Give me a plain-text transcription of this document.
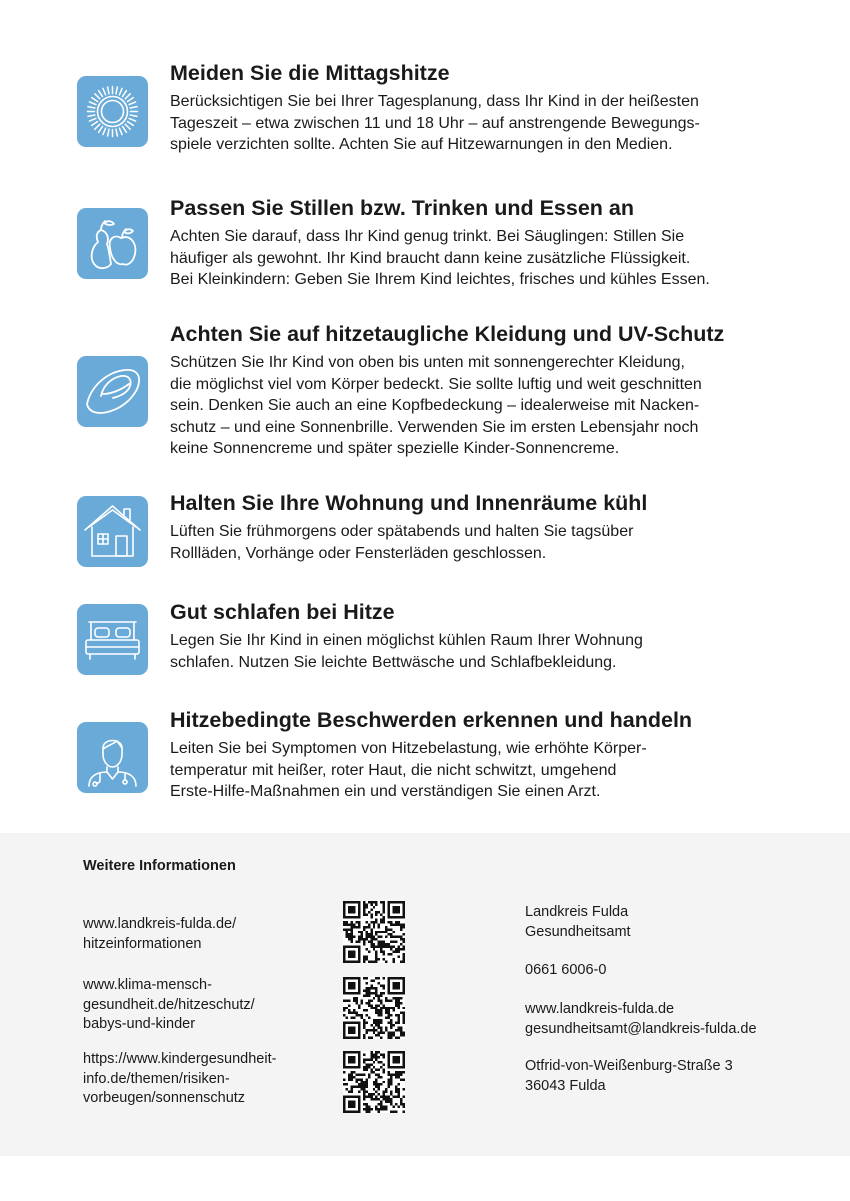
Meiden Sie die Mittagshitze

Berücksichtigen Sie bei Ihrer Tagesplanung, dass Ihr Kind in der heißesten
Tageszeit – etwa zwischen 11 und 18 Uhr – auf anstrengende Bewegungs-
spiele verzichten sollte. Achten Sie auf Hitzewarnungen in den Medien.

Passen Sie Stillen bzw. Trinken und Essen an

Achten Sie darauf, dass Ihr Kind genug trinkt. Bei Säuglingen: Stillen Sie
häufiger als gewohnt. Ihr Kind braucht dann keine zusätzliche Flüssigkeit.
Bei Kleinkindern: Geben Sie Ihrem Kind leichtes, frisches und kühles Essen.

Achten Sie auf hitzetaugliche Kleidung und UV-Schutz

Schützen Sie Ihr Kind von oben bis unten mit sonnengerechter Kleidung,
die möglichst viel vom Körper bedeckt. Sie sollte luftig und weit geschnitten
sein. Denken Sie auch an eine Kopfbedeckung – idealerweise mit Nacken-
schutz – und eine Sonnenbrille. Verwenden Sie im ersten Lebensjahr noch
keine Sonnencreme und später spezielle Kinder-Sonnencreme.

Halten Sie Ihre Wohnung und Innenräume kühl

Lüften Sie frühmorgens oder spätabends und halten Sie tagsüber
Rollläden, Vorhänge oder Fensterläden geschlossen.

Gut schlafen bei Hitze

Legen Sie Ihr Kind in einen möglichst kühlen Raum Ihrer Wohnung
schlafen. Nutzen Sie leichte Bettwäsche und Schlafbekleidung.

Hitzebedingte Beschwerden erkennen und handeln

Leiten Sie bei Symptomen von Hitzebelastung, wie erhöhte Körper-
temperatur mit heißer, roter Haut, die nicht schwitzt, umgehend
Erste-Hilfe-Maßnahmen ein und verständigen Sie einen Arzt.

Weitere Informationen

www.landkreis-fulda.de/
hitzeinformationen

www.klima-mensch-
gesundheit.de/hitzeschutz/
babys-und-kinder

https://www.kindergesundheit-
info.de/themen/risiken-
vorbeugen/sonnenschutz

Landkreis Fulda
Gesundheitsamt

0661 6006-0

www.landkreis-fulda.de
gesundheitsamt@landkreis-fulda.de

Otfrid-von-Weißenburg-Straße 3
36043 Fulda
